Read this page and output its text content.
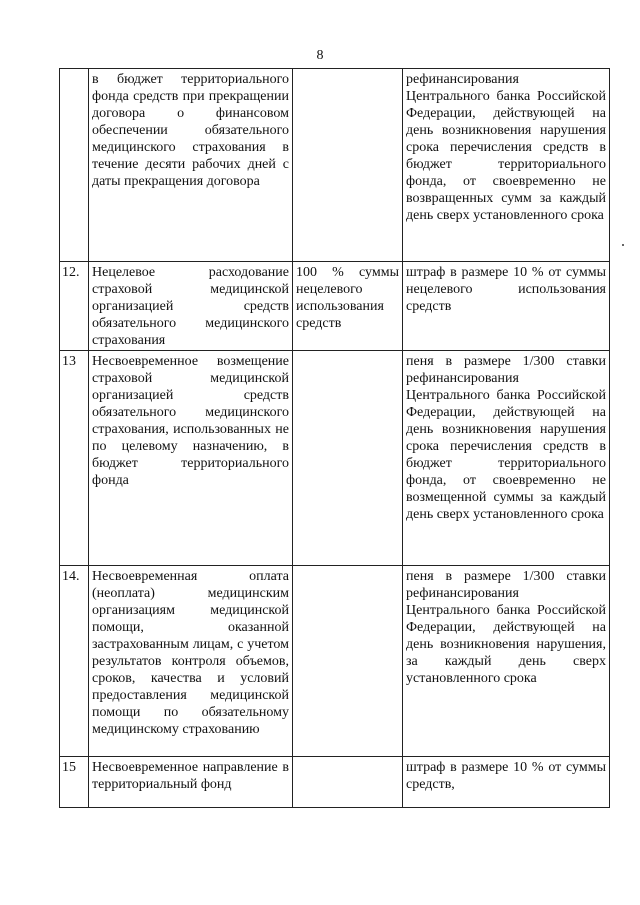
8
	в бюджет территориального фонда средств при прекращении договора о финансовом обеспечении обязательного медицинского страхования в течение десяти рабочих дней с даты прекращения договора		рефинансирования Центрального банка Российской Федерации, действующей на день возникновения нарушения срока перечисления средств в бюджет территориального фонда, от своевременно не возвращенных сумм за каждый день сверх установленного срока
12.	Нецелевое расходование страховой медицинской организацией средств обязательного медицинского страхования	100 % суммы нецелевого использования средств	штраф в размере 10 % от суммы нецелевого использования средств
13	Несвоевременное возмещение страховой медицинской организацией средств обязательного медицинского страхования, использованных не по целевому назначению, в бюджет территориального фонда		пеня в размере 1/300 ставки рефинансирования Центрального банка Российской Федерации, действующей на день возникновения нарушения срока перечисления средств в бюджет территориального фонда, от своевременно не возмещенной суммы за каждый день сверх установленного срока
14.	Несвоевременная оплата (неоплата) медицинским организациям медицинской помощи, оказанной застрахованным лицам, с учетом результатов контроля объемов, сроков, качества и условий предоставления медицинской помощи по обязательному медицинскому страхованию		пеня в размере 1/300 ставки рефинансирования Центрального банка Российской Федерации, действующей на день возникновения нарушения, за каждый день сверх установленного срока
15	Несвоевременное направление в территориальный фонд		штраф в размере 10 % от суммы средств,
